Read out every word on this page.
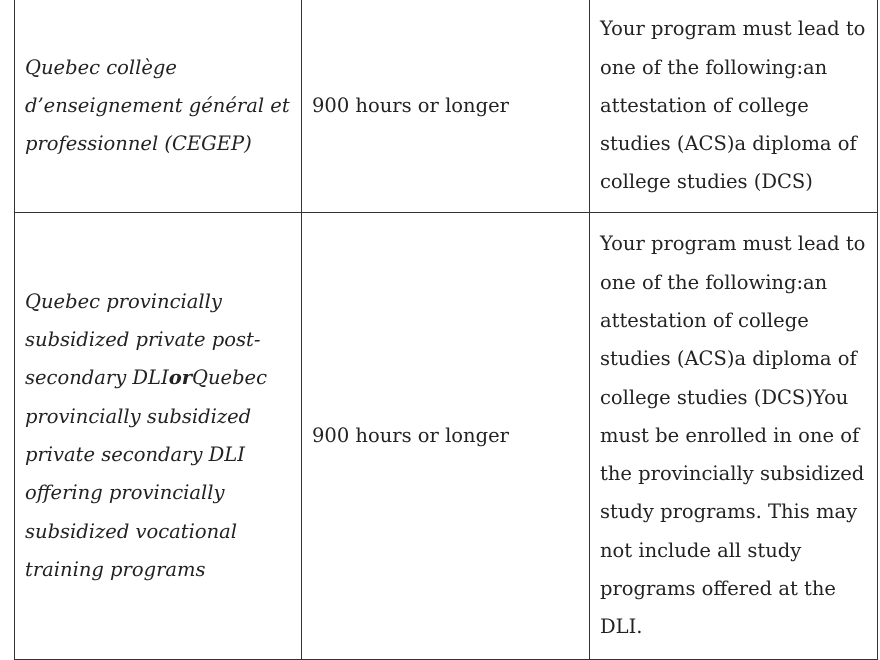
Quebec collège d’enseignement général et professionnel (CEGEP)	900 hours or longer	Your program must lead to one of the following:an attestation of college studies (ACS)a diploma of college studies (DCS)
Quebec provincially subsidized private post-secondary DLIorQuebec provincially subsidized private secondary DLI offering provincially subsidized vocational training programs	900 hours or longer	Your program must lead to one of the following:an attestation of college studies (ACS)a diploma of college studies (DCS)You must be enrolled in one of the provincially subsidized study programs. This may not include all study programs offered at the DLI.
